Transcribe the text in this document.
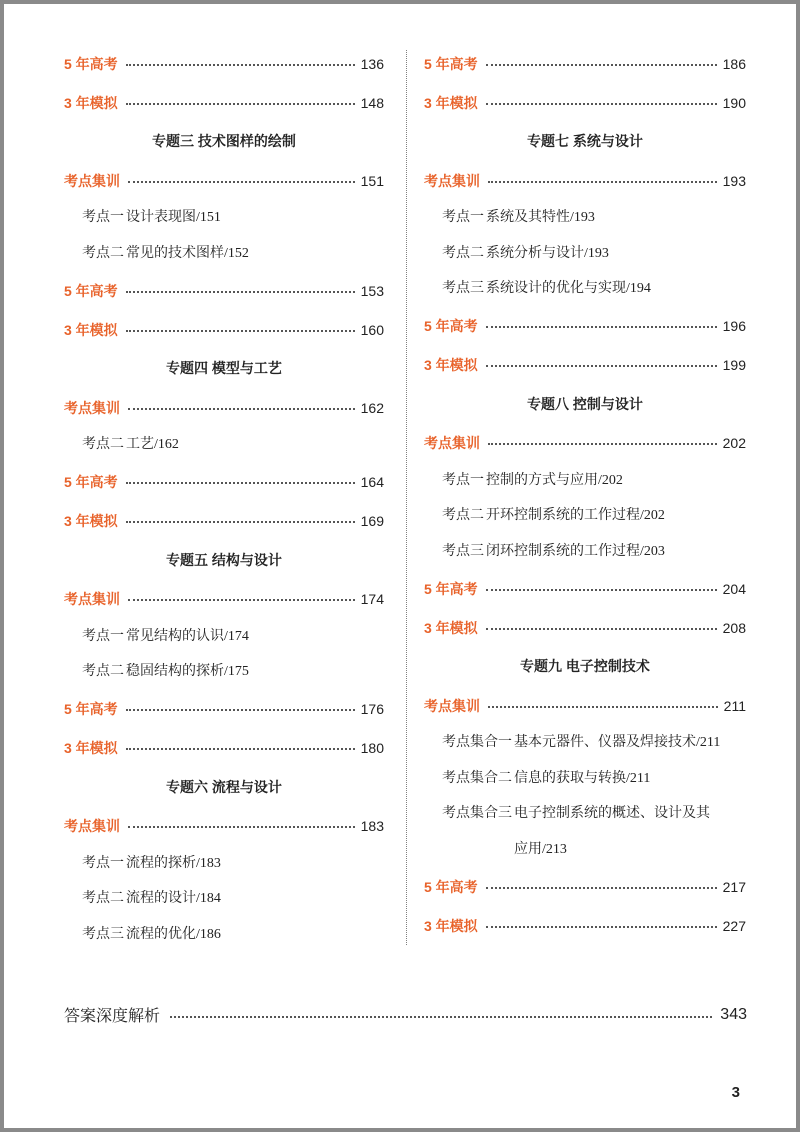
5 年高考	136
3 年模拟	148
专题三 技术图样的绘制
考点集训	151
考点一 设计表现图/151
考点二 常见的技术图样/152
5 年高考	153
3 年模拟	160
专题四 模型与工艺
考点集训	162
考点二 工艺/162
5 年高考	164
3 年模拟	169
专题五 结构与设计
考点集训	174
考点一 常见结构的认识/174
考点二 稳固结构的探析/175
5 年高考	176
3 年模拟	180
专题六 流程与设计
考点集训	183
考点一 流程的探析/183
考点二 流程的设计/184
考点三 流程的优化/186
5 年高考	186
3 年模拟	190
专题七 系统与设计
考点集训	193
考点一 系统及其特性/193
考点二 系统分析与设计/193
考点三 系统设计的优化与实现/194
5 年高考	196
3 年模拟	199
专题八 控制与设计
考点集训	202
考点一 控制的方式与应用/202
考点二 开环控制系统的工作过程/202
考点三 闭环控制系统的工作过程/203
5 年高考	204
3 年模拟	208
专题九 电子控制技术
考点集训	211
考点集合一 基本元器件、仪器及焊接技术/211
考点集合二 信息的获取与转换/211
考点集合三 电子控制系统的概述、设计及其
应用/213
5 年高考	217
3 年模拟	227
答案深度解析	343
3
